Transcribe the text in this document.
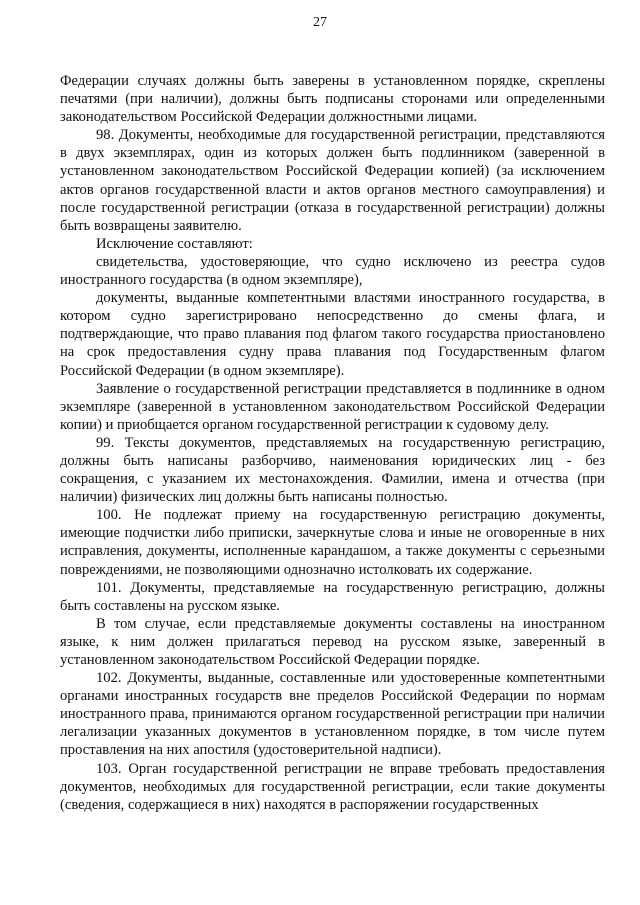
27

Федерации случаях должны быть заверены в установленном порядке, скреплены печатями (при наличии), должны быть подписаны сторонами или определенными законодательством Российской Федерации должностными лицами.

98. Документы, необходимые для государственной регистрации, представляются в двух экземплярах, один из которых должен быть подлинником (заверенной в установленном законодательством Российской Федерации копией) (за исключением актов органов государственной власти и актов органов местного самоуправления) и после государственной регистрации (отказа в государственной регистрации) должны быть возвращены заявителю.

Исключение составляют:

свидетельства, удостоверяющие, что судно исключено из реестра судов иностранного государства (в одном экземпляре),

документы, выданные компетентными властями иностранного государства, в котором судно зарегистрировано непосредственно до смены флага, и подтверждающие, что право плавания под флагом такого государства приостановлено на срок предоставления судну права плавания под Государственным флагом Российской Федерации (в одном экземпляре).

Заявление о государственной регистрации представляется в подлиннике в одном экземпляре (заверенной в установленном законодательством Российской Федерации копии) и приобщается органом государственной регистрации к судовому делу.

99. Тексты документов, представляемых на государственную регистрацию, должны быть написаны разборчиво, наименования юридических лиц - без сокращения, с указанием их местонахождения. Фамилии, имена и отчества (при наличии) физических лиц должны быть написаны полностью.

100. Не подлежат приему на государственную регистрацию документы, имеющие подчистки либо приписки, зачеркнутые слова и иные не оговоренные в них исправления, документы, исполненные карандашом, а также документы с серьезными повреждениями, не позволяющими однозначно истолковать их содержание.

101. Документы, представляемые на государственную регистрацию, должны быть составлены на русском языке.

В том случае, если представляемые документы составлены на иностранном языке, к ним должен прилагаться перевод на русском языке, заверенный в установленном законодательством Российской Федерации порядке.

102. Документы, выданные, составленные или удостоверенные компетентными органами иностранных государств вне пределов Российской Федерации по нормам иностранного права, принимаются органом государственной регистрации при наличии легализации указанных документов в установленном порядке, в том числе путем проставления на них апостиля (удостоверительной надписи).

103. Орган государственной регистрации не вправе требовать предоставления документов, необходимых для государственной регистрации, если такие документы (сведения, содержащиеся в них) находятся в распоряжении государственных
